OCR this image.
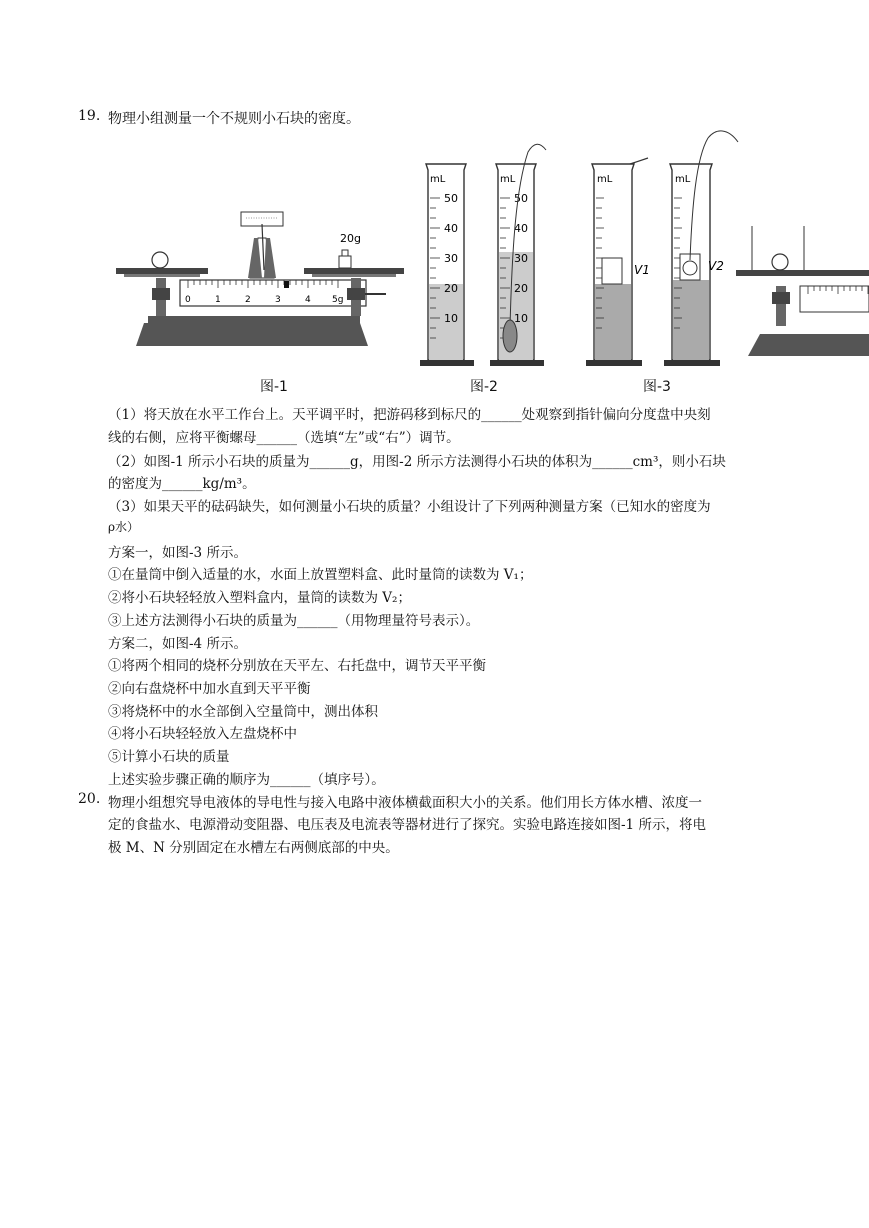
19. 物理小组测量一个不规则小石块的密度。
0	1	2	3	4 5g
20g
mL
50
40
30
20
10
mL
50
40
30
20
10
mL
V1
mL
V2
图-1	图-2	图-3
（1）将天放在水平工作台上。天平调平时，把游码移到标尺的______处观察到指针偏向分度盘中央刻
线的右侧，应将平衡螺母______（选填“左”或“右”）调节。
（2）如图-1 所示小石块的质量为______g，用图-2 所示方法测得小石块的体积为______cm³，则小石块
的密度为______kg/m³。
（3）如果天平的砝码缺失，如何测量小石块的质量？小组设计了下列两种测量方案（已知水的密度为
ρ水）
方案一，如图-3 所示。
①在量筒中倒入适量的水，水面上放置塑料盒、此时量筒的读数为 V₁；
②将小石块轻轻放入塑料盒内，量筒的读数为 V₂；
③上述方法测得小石块的质量为______（用物理量符号表示）。
方案二，如图-4 所示。
①将两个相同的烧杯分别放在天平左、右托盘中，调节天平平衡
②向右盘烧杯中加水直到天平平衡
③将烧杯中的水全部倒入空量筒中，测出体积
④将小石块轻轻放入左盘烧杯中
⑤计算小石块的质量
上述实验步骤正确的顺序为______（填序号）。
20. 物理小组想究导电液体的导电性与接入电路中液体横截面积大小的关系。他们用长方体水槽、浓度一
定的食盐水、电源滑动变阻器、电压表及电流表等器材进行了探究。实验电路连接如图-1 所示，将电
极 M、N 分别固定在水槽左右两侧底部的中央。
